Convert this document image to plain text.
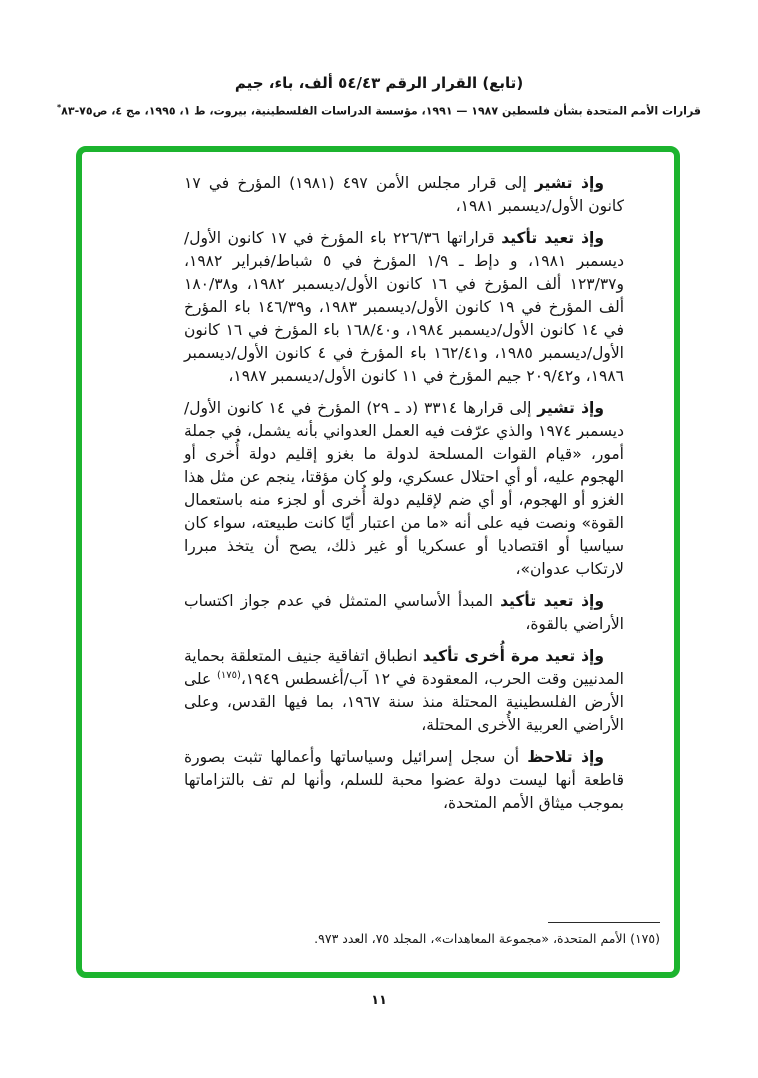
(تابع) القرار الرقم ٥٤/٤٣ ألف، باء، جيم
قرارات الأمم المتحدة بشأن فلسطين ١٩٨٧ — ١٩٩١، مؤسسة الدراسات الفلسطينية، بيروت، ط ١، ١٩٩٥، مج ٤، ص٧٥-٨٣*

وإذ تشير إلى قرار مجلس الأمن ٤٩٧ (١٩٨١) المؤرخ في ١٧ كانون الأول/ديسمبر ١٩٨١،

وإذ تعيد تأكيد قراراتها ٢٢٦/٣٦ باء المؤرخ في ١٧ كانون الأول/ديسمبر ١٩٨١، و دإط ـ ١/٩ المؤرخ في ٥ شباط/فبراير ١٩٨٢، و١٢٣/٣٧ ألف المؤرخ في ١٦ كانون الأول/ديسمبر ١٩٨٢، و١٨٠/٣٨ ألف المؤرخ في ١٩ كانون الأول/ديسمبر ١٩٨٣، و١٤٦/٣٩ باء المؤرخ في ١٤ كانون الأول/ديسمبر ١٩٨٤، و١٦٨/٤٠ باء المؤرخ في ١٦ كانون الأول/ديسمبر ١٩٨٥، و١٦٢/٤١ باء المؤرخ في ٤ كانون الأول/ديسمبر ١٩٨٦، و٢٠٩/٤٢ جيم المؤرخ في ١١ كانون الأول/ديسمبر ١٩٨٧،

وإذ تشير إلى قرارها ٣٣١٤ (د ـ ٢٩) المؤرخ في ١٤ كانون الأول/ديسمبر ١٩٧٤ والذي عرّفت فيه العمل العدواني بأنه يشمل، في جملة أمور، «قيام القوات المسلحة لدولة ما بغزو إقليم دولة أُخرى أو الهجوم عليه، أو أي احتلال عسكري، ولو كان مؤقتا، ينجم عن مثل هذا الغزو أو الهجوم، أو أي ضم لإقليم دولة أُخرى أو لجزء منه باستعمال القوة» ونصت فيه على أنه «ما من اعتبار أيّا كانت طبيعته، سواء كان سياسيا أو اقتصاديا أو عسكريا أو غير ذلك، يصح أن يتخذ مبررا لارتكاب عدوان»،

وإذ تعيد تأكيد المبدأ الأساسي المتمثل في عدم جواز اكتساب الأراضي بالقوة،

وإذ تعيد مرة أُخرى تأكيد انطباق اتفاقية جنيف المتعلقة بحماية المدنيين وقت الحرب، المعقودة في ١٢ آب/أغسطس ١٩٤٩،$^{(١٧٥)}$ على الأرض الفلسطينية المحتلة منذ سنة ١٩٦٧، بما فيها القدس، وعلى الأراضي العربية الأُخرى المحتلة،

وإذ تلاحظ أن سجل إسرائيل وسياساتها وأعمالها تثبت بصورة قاطعة أنها ليست دولة عضوا محبة للسلم، وأنها لم تف بالتزاماتها بموجب ميثاق الأمم المتحدة،

(١٧٥) الأمم المتحدة، «مجموعة المعاهدات»، المجلد ٧٥، العدد ٩٧٣.
١١
